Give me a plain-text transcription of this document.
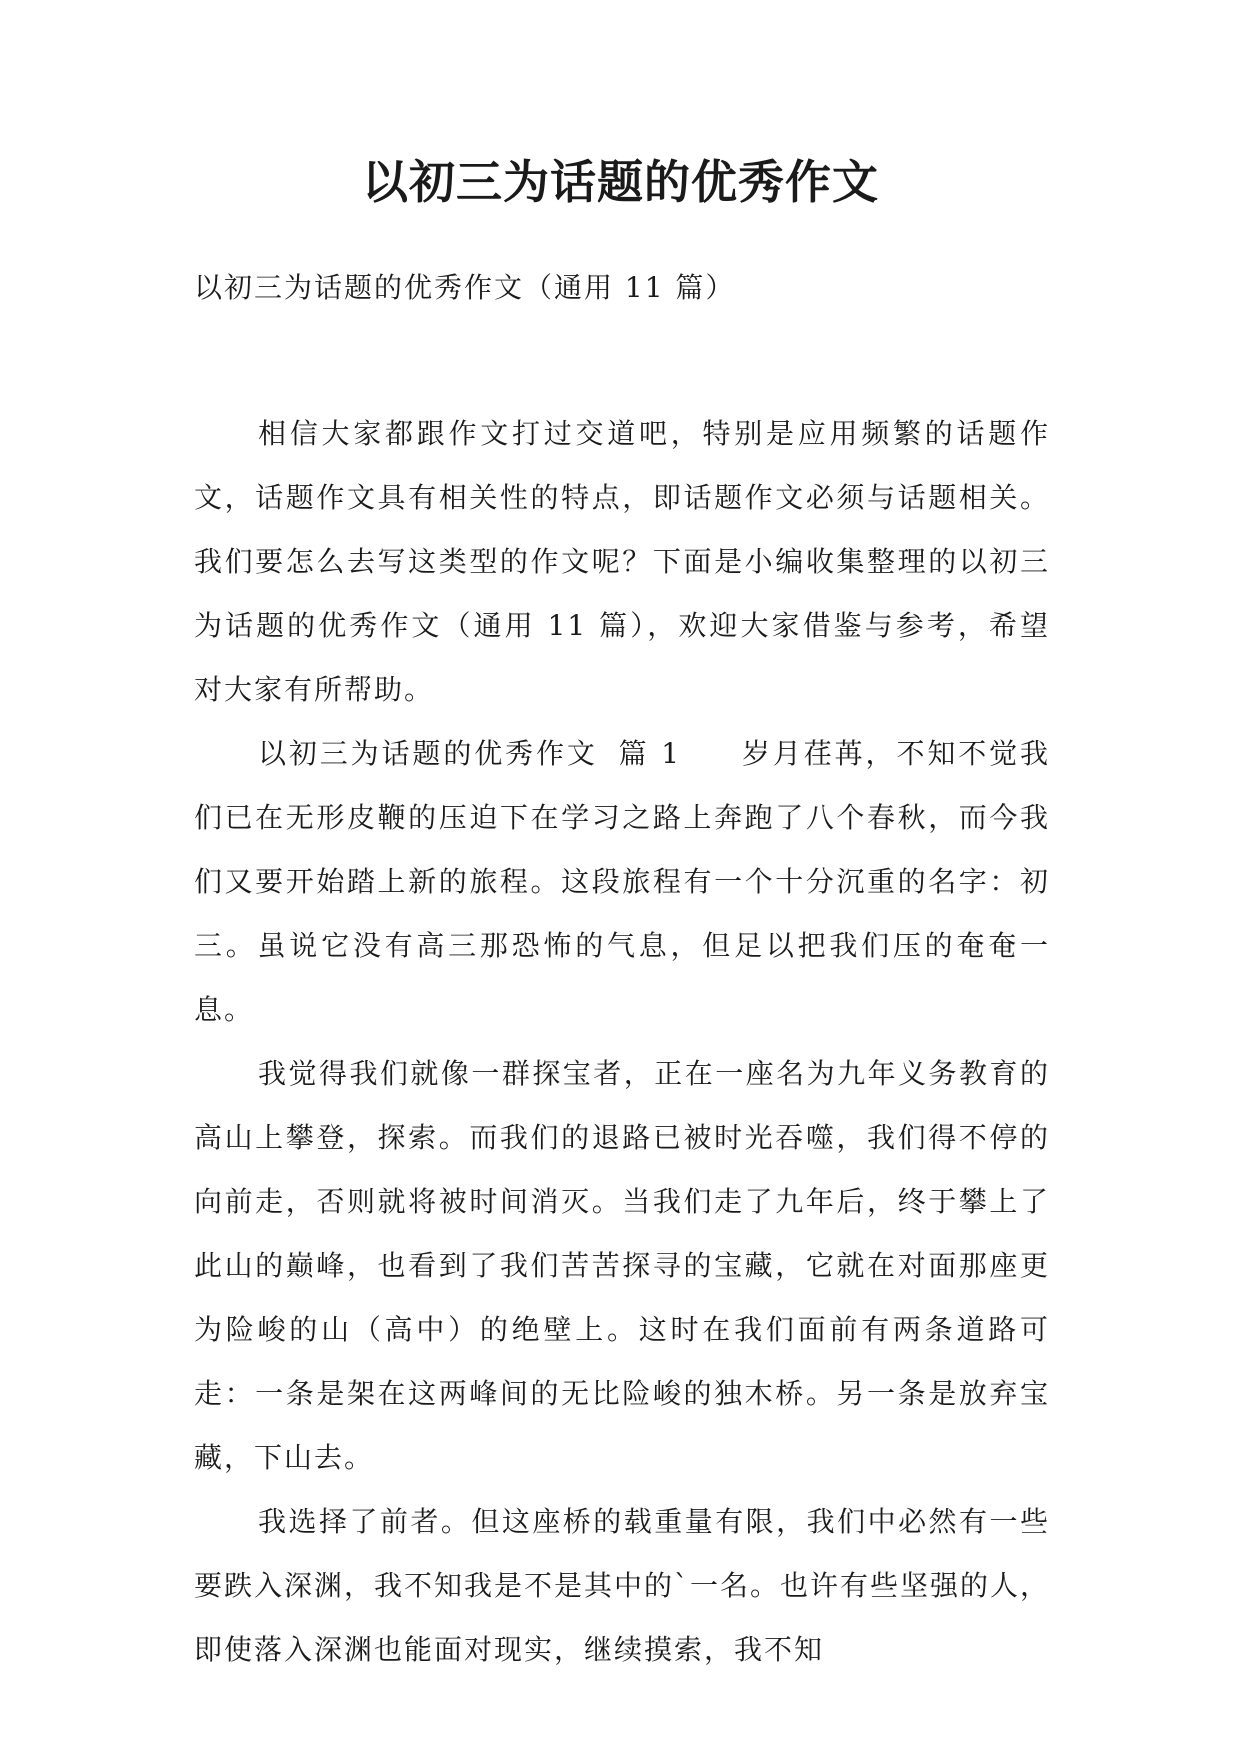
以初三为话题的优秀作文
以初三为话题的优秀作文（通用 11 篇）

相信大家都跟作文打过交道吧，特别是应用频繁的话题作文，话题作文具有相关性的特点，即话题作文必须与话题相关。我们要怎么去写这类型的作文呢？下面是小编收集整理的以初三为话题的优秀作文（通用 11 篇），欢迎大家借鉴与参考，希望对大家有所帮助。

以初三为话题的优秀作文 篇 1 岁月荏苒，不知不觉我们已在无形皮鞭的压迫下在学习之路上奔跑了八个春秋，而今我们又要开始踏上新的旅程。这段旅程有一个十分沉重的名字：初三。虽说它没有高三那恐怖的气息，但足以把我们压的奄奄一息。

我觉得我们就像一群探宝者，正在一座名为九年义务教育的高山上攀登，探索。而我们的退路已被时光吞噬，我们得不停的向前走，否则就将被时间消灭。当我们走了九年后，终于攀上了此山的巅峰，也看到了我们苦苦探寻的宝藏，它就在对面那座更为险峻的山（高中）的绝壁上。这时在我们面前有两条道路可走：一条是架在这两峰间的无比险峻的独木桥。另一条是放弃宝藏，下山去。

我选择了前者。但这座桥的载重量有限，我们中必然有一些要跌入深渊，我不知我是不是其中的`一名。也许有些坚强的人，即使落入深渊也能面对现实，继续摸索，我不知
